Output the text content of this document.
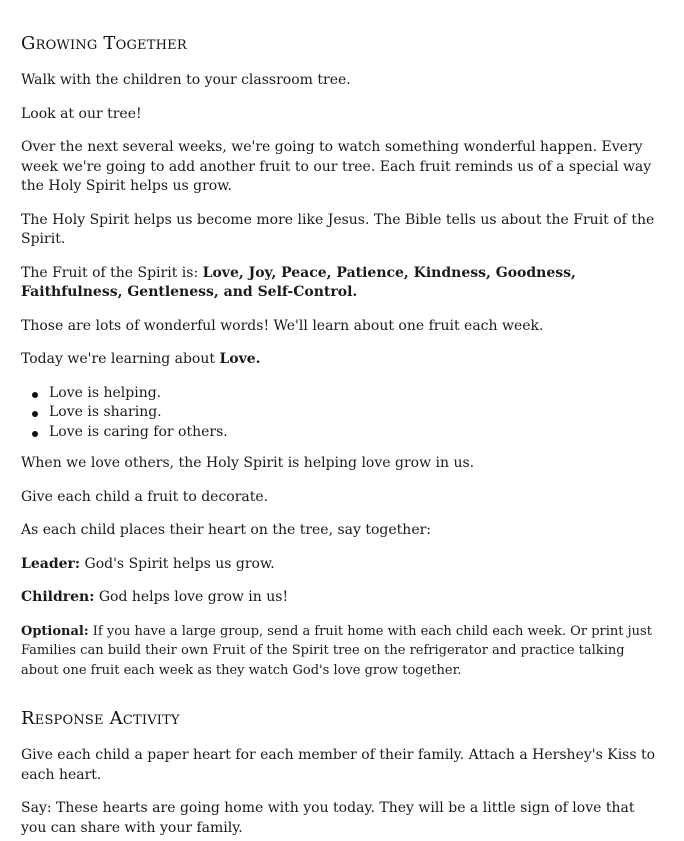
Growing Together

Walk with the children to your classroom tree.

Look at our tree!

Over the next several weeks, we're going to watch something wonderful happen. Every week we're going to add another fruit to our tree. Each fruit reminds us of a special way the Holy Spirit helps us grow.

The Holy Spirit helps us become more like Jesus. The Bible tells us about the Fruit of the Spirit.

The Fruit of the Spirit is: Love, Joy, Peace, Patience, Kindness, Goodness, Faithfulness, Gentleness, and Self-Control.

Those are lots of wonderful words! We'll learn about one fruit each week.

Today we're learning about Love.

Love is helping.
Love is sharing.
Love is caring for others.

When we love others, the Holy Spirit is helping love grow in us.

Give each child a fruit to decorate.

As each child places their heart on the tree, say together:

Leader: God's Spirit helps us grow.

Children: God helps love grow in us!

Optional: If you have a large group, send a fruit home with each child each week. Or print just Families can build their own Fruit of the Spirit tree on the refrigerator and practice talking about one fruit each week as they watch God's love grow together.

Response Activity

Give each child a paper heart for each member of their family. Attach a Hershey's Kiss to each heart.

Say: These hearts are going home with you today. They will be a little sign of love that you can share with your family.
